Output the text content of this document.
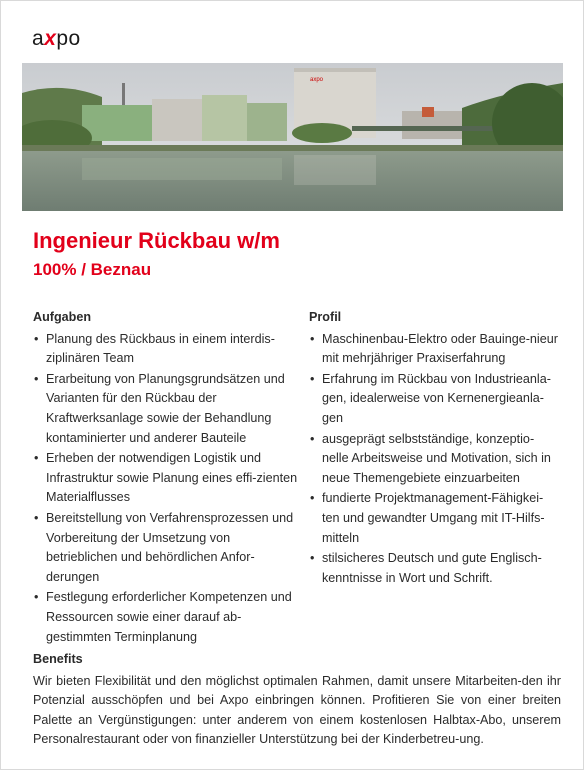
axpo
axpo
Ingenieur Rückbau w/m
100% / Beznau
Aufgaben
• Planung des Rückbaus in einem interdis-ziplinären Team
• Erarbeitung von Planungsgrundsätzen und Varianten für den Rückbau der Kraftwerksanlage sowie der Behandlung kontaminierter und anderer Bauteile
• Erheben der notwendigen Logistik und Infrastruktur sowie Planung eines effi-zienten Materialflusses
• Bereitstellung von Verfahrensprozessen und Vorbereitung der Umsetzung von betrieblichen und behördlichen Anfor-derungen
• Festlegung erforderlicher Kompetenzen und Ressourcen sowie einer darauf ab-gestimmten Terminplanung
Profil
• Maschinenbau-Elektro oder Bauinge-nieur mit mehrjähriger Praxiserfahrung
• Erfahrung im Rückbau von Industrieanla-gen, idealerweise von Kernenergieanla-gen
• ausgeprägt selbstständige, konzeptio-nelle Arbeitsweise und Motivation, sich in neue Themengebiete einzuarbeiten
• fundierte Projektmanagement-Fähigkei-ten und gewandter Umgang mit IT-Hilfs-mitteln
• stilsicheres Deutsch und gute Englisch-kenntnisse in Wort und Schrift.
Benefits

Wir bieten Flexibilität und den möglichst optimalen Rahmen, damit unsere Mitarbeiten-den ihr Potenzial ausschöpfen und bei Axpo einbringen können. Profitieren Sie von einer breiten Palette an Vergünstigungen: unter anderem von einem kostenlosen Halbtax-Abo, unserem Personalrestaurant oder von finanzieller Unterstützung bei der Kinderbetreu-ung.
